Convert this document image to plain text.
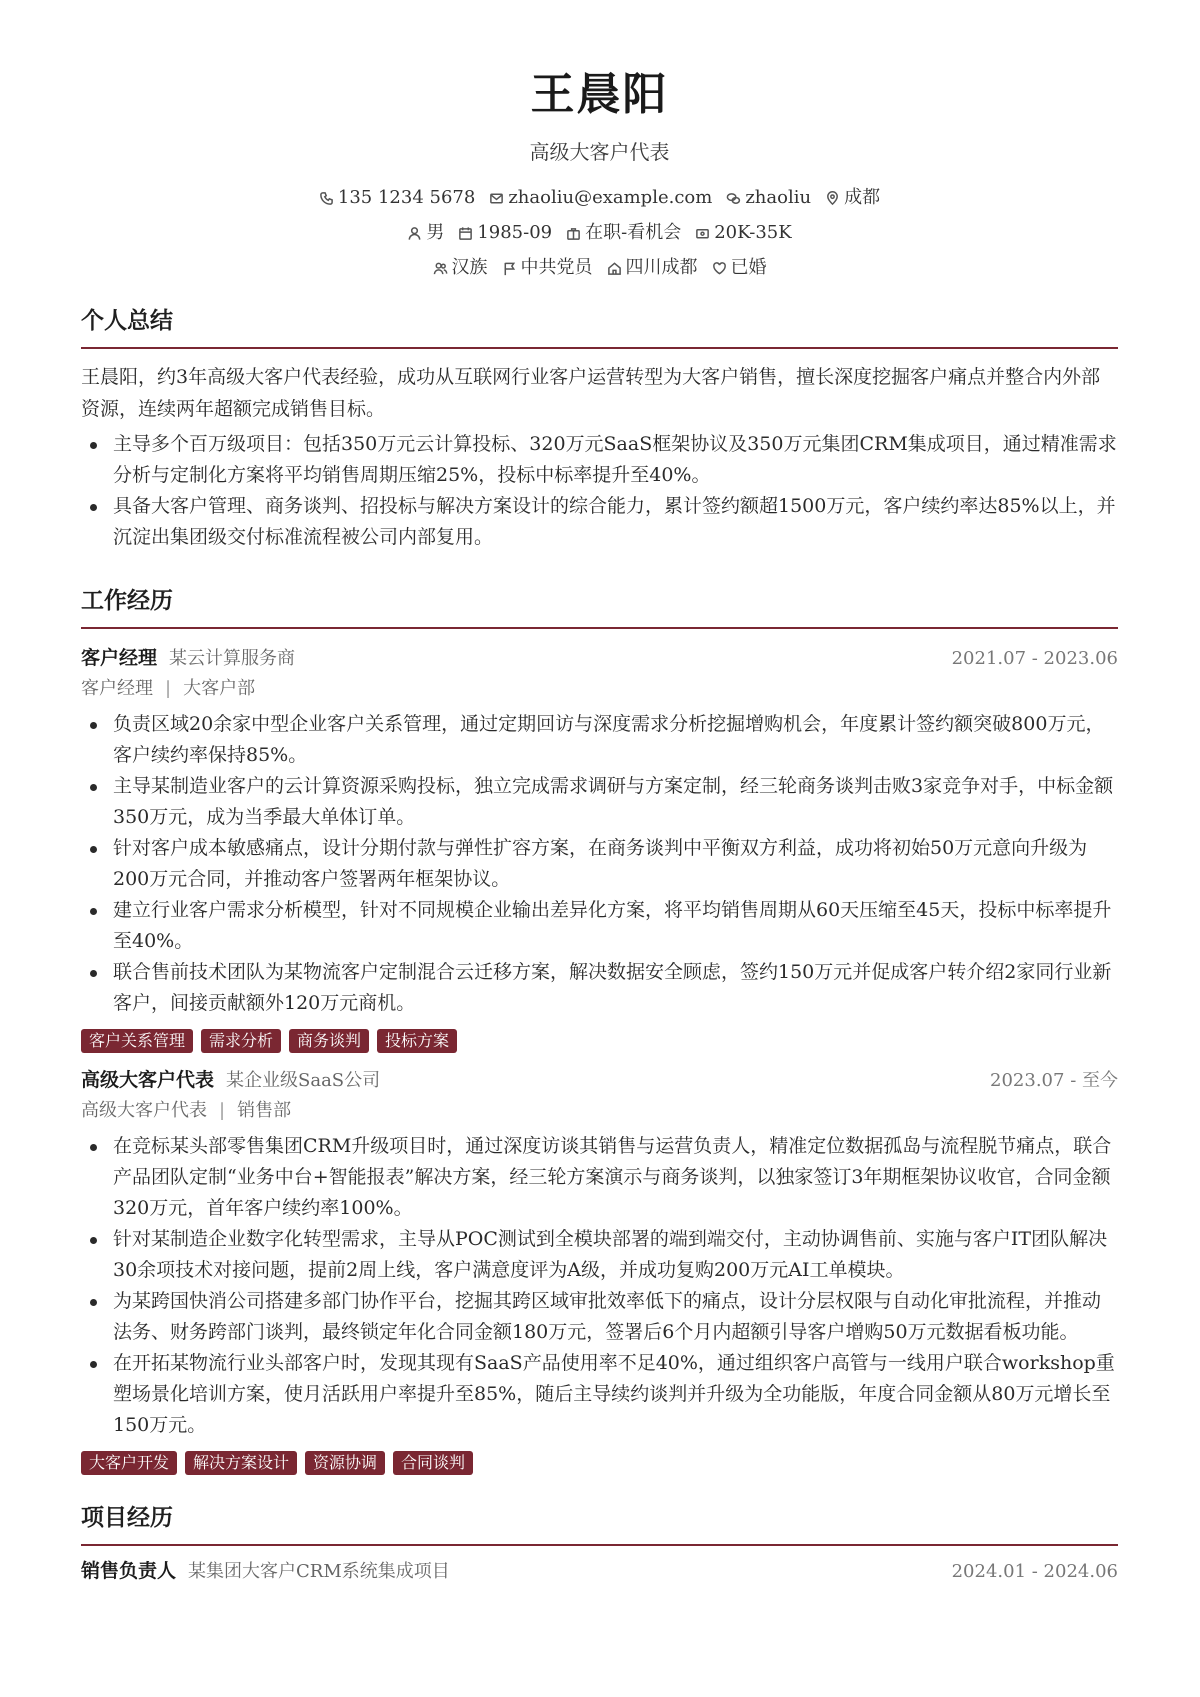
王晨阳
高级大客户代表
135 1234 5678 zhaoliu@example.com zhaoliu 成都
男 1985-09 在职-看机会 20K-35K
汉族 中共党员 四川成都 已婚
个人总结

王晨阳，约3年高级大客户代表经验，成功从互联网行业客户运营转型为大客户销售，擅长深度挖掘客户痛点并整合内外部资源，连续两年超额完成销售目标。

主导多个百万级项目：包括350万元云计算投标、320万元SaaS框架协议及350万元集团CRM集成项目，通过精准需求分析与定制化方案将平均销售周期压缩25%，投标中标率提升至40%。
具备大客户管理、商务谈判、招投标与解决方案设计的综合能力，累计签约额超1500万元，客户续约率达85%以上，并沉淀出集团级交付标准流程被公司内部复用。
工作经历
客户经理 某云计算服务商	2021.07 - 2023.06
客户经理 | 大客户部
负责区域20余家中型企业客户关系管理，通过定期回访与深度需求分析挖掘增购机会，年度累计签约额突破800万元，客户续约率保持85%。
主导某制造业客户的云计算资源采购投标，独立完成需求调研与方案定制，经三轮商务谈判击败3家竞争对手，中标金额350万元，成为当季最大单体订单。
针对客户成本敏感痛点，设计分期付款与弹性扩容方案，在商务谈判中平衡双方利益，成功将初始50万元意向升级为200万元合同，并推动客户签署两年框架协议。
建立行业客户需求分析模型，针对不同规模企业输出差异化方案，将平均销售周期从60天压缩至45天，投标中标率提升至40%。
联合售前技术团队为某物流客户定制混合云迁移方案，解决数据安全顾虑，签约150万元并促成客户转介绍2家同行业新客户，间接贡献额外120万元商机。
客户关系管理	需求分析	商务谈判	投标方案
高级大客户代表 某企业级SaaS公司	2023.07 - 至今
高级大客户代表 | 销售部
在竞标某头部零售集团CRM升级项目时，通过深度访谈其销售与运营负责人，精准定位数据孤岛与流程脱节痛点，联合产品团队定制“业务中台+智能报表”解决方案，经三轮方案演示与商务谈判，以独家签订3年期框架协议收官，合同金额320万元，首年客户续约率100%。
针对某制造企业数字化转型需求，主导从POC测试到全模块部署的端到端交付，主动协调售前、实施与客户IT团队解决30余项技术对接问题，提前2周上线，客户满意度评为A级，并成功复购200万元AI工单模块。
为某跨国快消公司搭建多部门协作平台，挖掘其跨区域审批效率低下的痛点，设计分层权限与自动化审批流程，并推动法务、财务跨部门谈判，最终锁定年化合同金额180万元，签署后6个月内超额引导客户增购50万元数据看板功能。
在开拓某物流行业头部客户时，发现其现有SaaS产品使用率不足40%，通过组织客户高管与一线用户联合workshop重塑场景化培训方案，使月活跃用户率提升至85%，随后主导续约谈判并升级为全功能版，年度合同金额从80万元增长至150万元。
大客户开发	解决方案设计	资源协调	合同谈判
项目经历
销售负责人 某集团大客户CRM系统集成项目	2024.01 - 2024.06
